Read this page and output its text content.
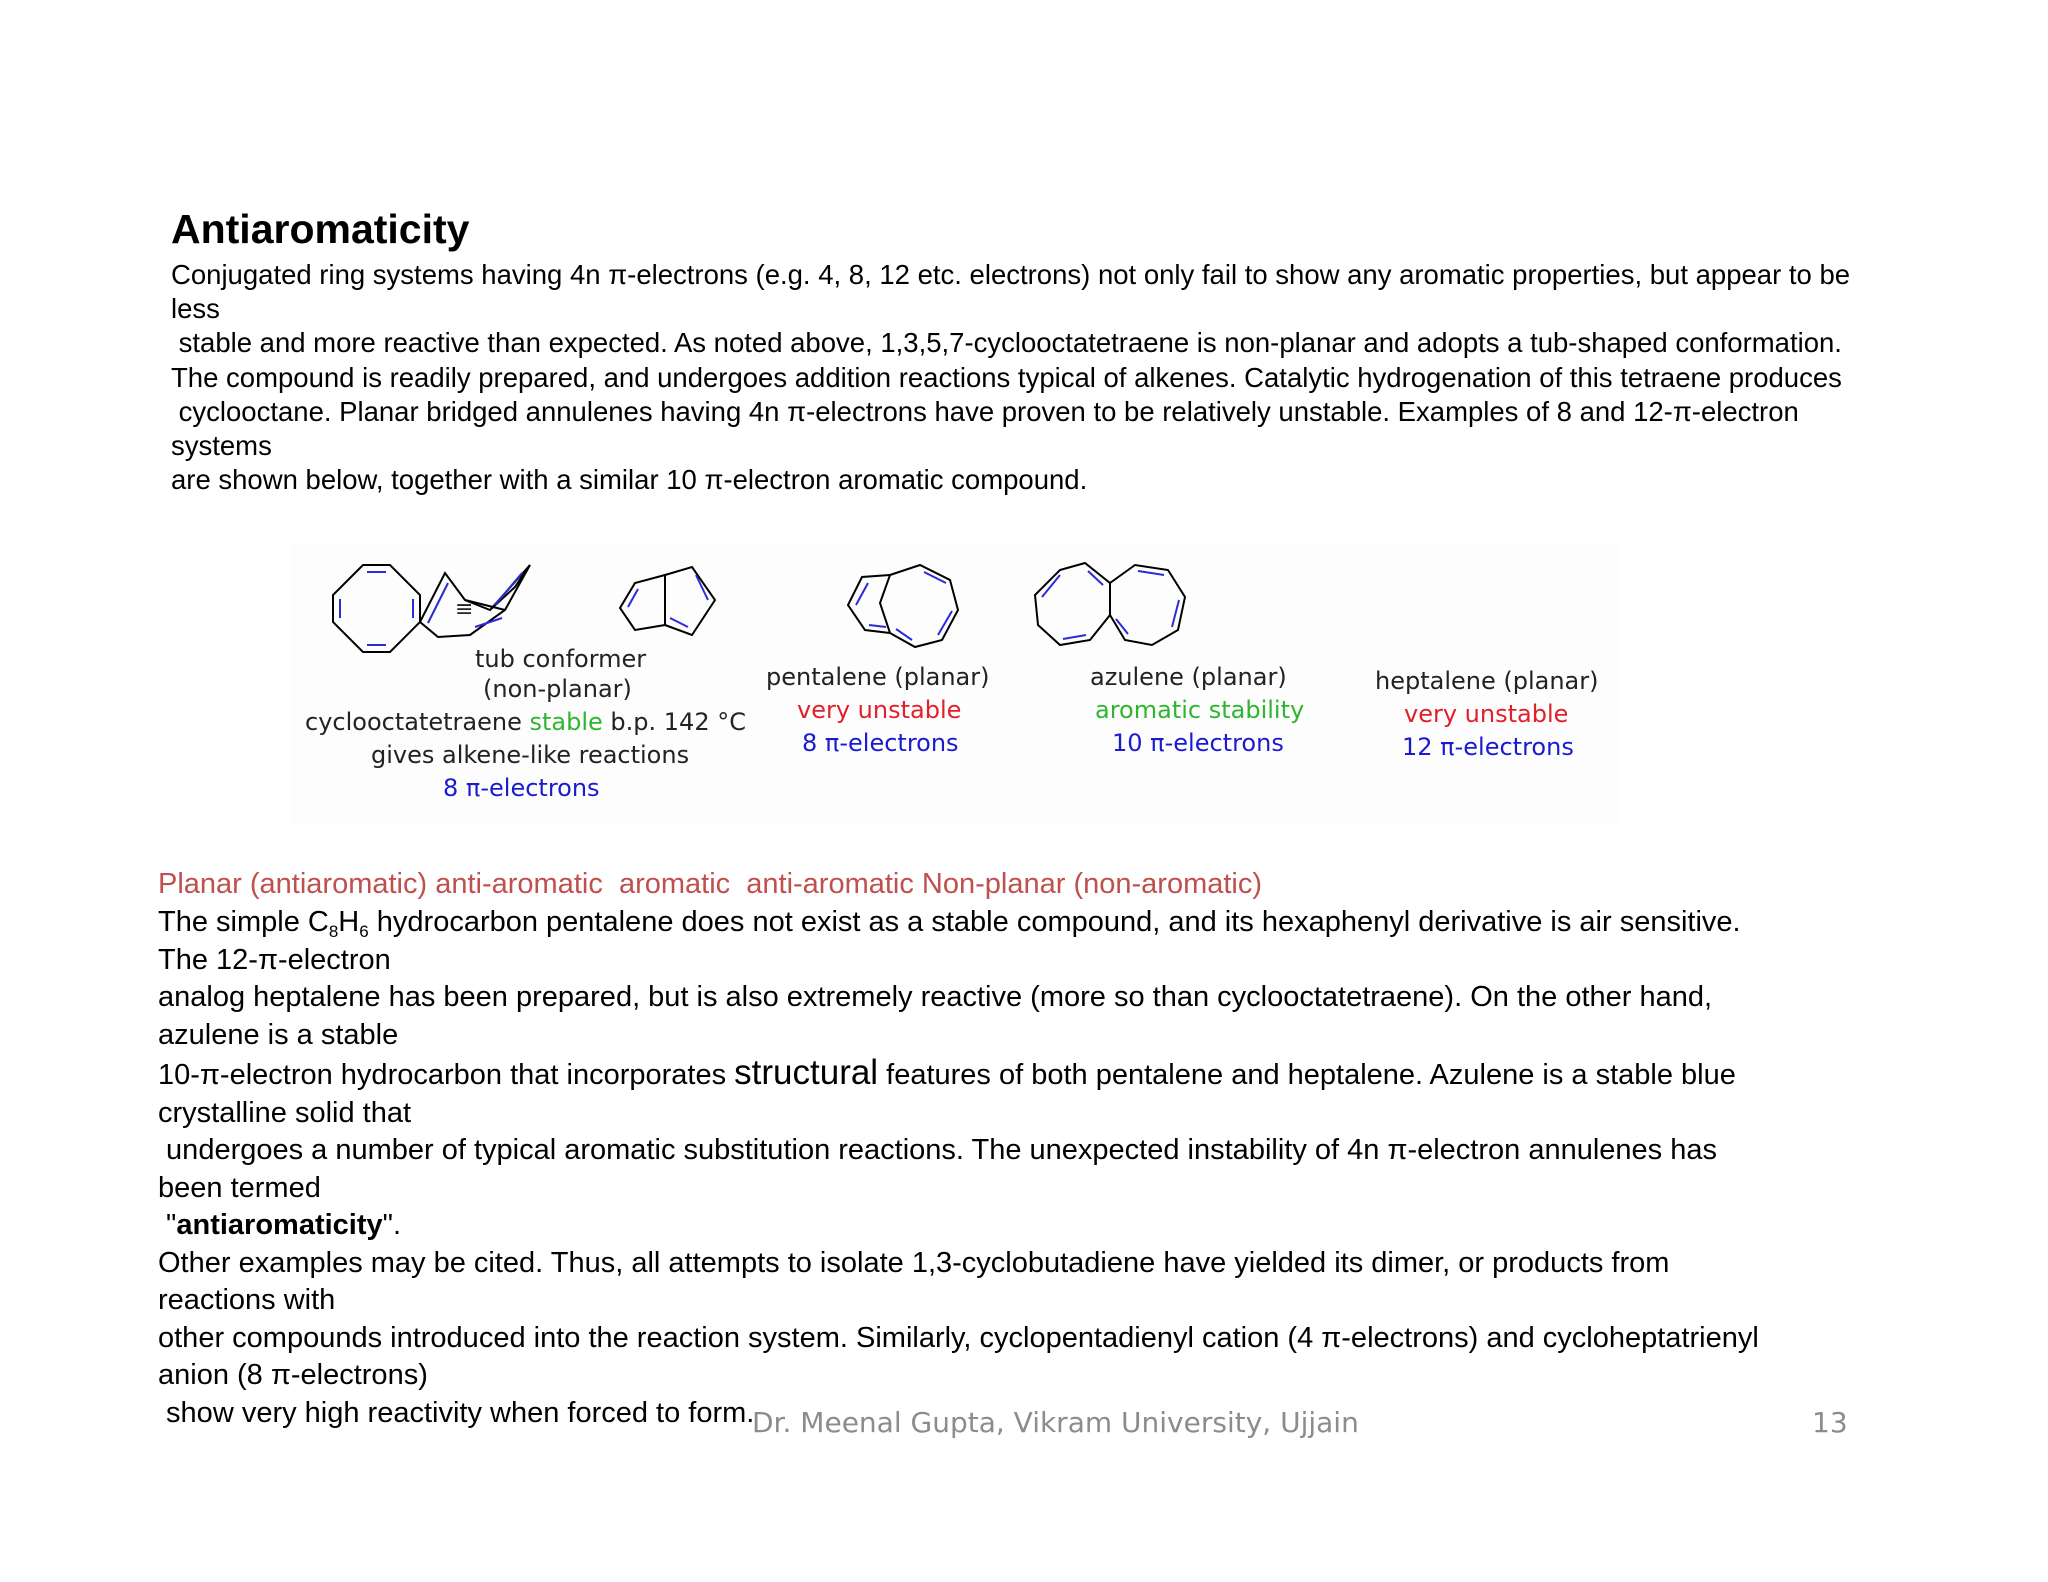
Antiaromaticity
Conjugated ring systems having 4n π-electrons (e.g. 4, 8, 12 etc. electrons) not only fail to show any aromatic properties, but appear to be
less
stable and more reactive than expected. As noted above, 1,3,5,7-cyclooctatetraene is non-planar and adopts a tub-shaped conformation.
The compound is readily prepared, and undergoes addition reactions typical of alkenes. Catalytic hydrogenation of this tetraene produces
cyclooctane. Planar bridged annulenes having 4n π-electrons have proven to be relatively unstable. Examples of 8 and 12-π-electron
systems
are shown below, together with a similar 10 π-electron aromatic compound.
≡
tub conformer
(non-planar)
cyclooctatetraene stable b.p. 142 °C
gives alkene-like reactions
8 π-electrons
pentalene (planar)
very unstable
8 π-electrons
azulene (planar)
aromatic stability
10 π-electrons
heptalene (planar)
very unstable
12 π-electrons
Planar (antiaromatic) anti-aromatic  aromatic  anti-aromatic Non-planar (non-aromatic)
The simple $C_8H_6$ hydrocarbon pentalene does not exist as a stable compound, and its hexaphenyl derivative is air sensitive.
The 12-π-electron
analog heptalene has been prepared, but is also extremely reactive (more so than cyclooctatetraene). On the other hand,
azulene is a stable
10-π-electron hydrocarbon that incorporates structural features of both pentalene and heptalene. Azulene is a stable blue
crystalline solid that
undergoes a number of typical aromatic substitution reactions. The unexpected instability of 4n π-electron annulenes has
been termed
"antiaromaticity".
Other examples may be cited. Thus, all attempts to isolate 1,3-cyclobutadiene have yielded its dimer, or products from
reactions with
other compounds introduced into the reaction system. Similarly, cyclopentadienyl cation (4 π-electrons) and cycloheptatrienyl
anion (8 π-electrons)
show very high reactivity when forced to form.
Dr. Meenal Gupta, Vikram University, Ujjain	13
